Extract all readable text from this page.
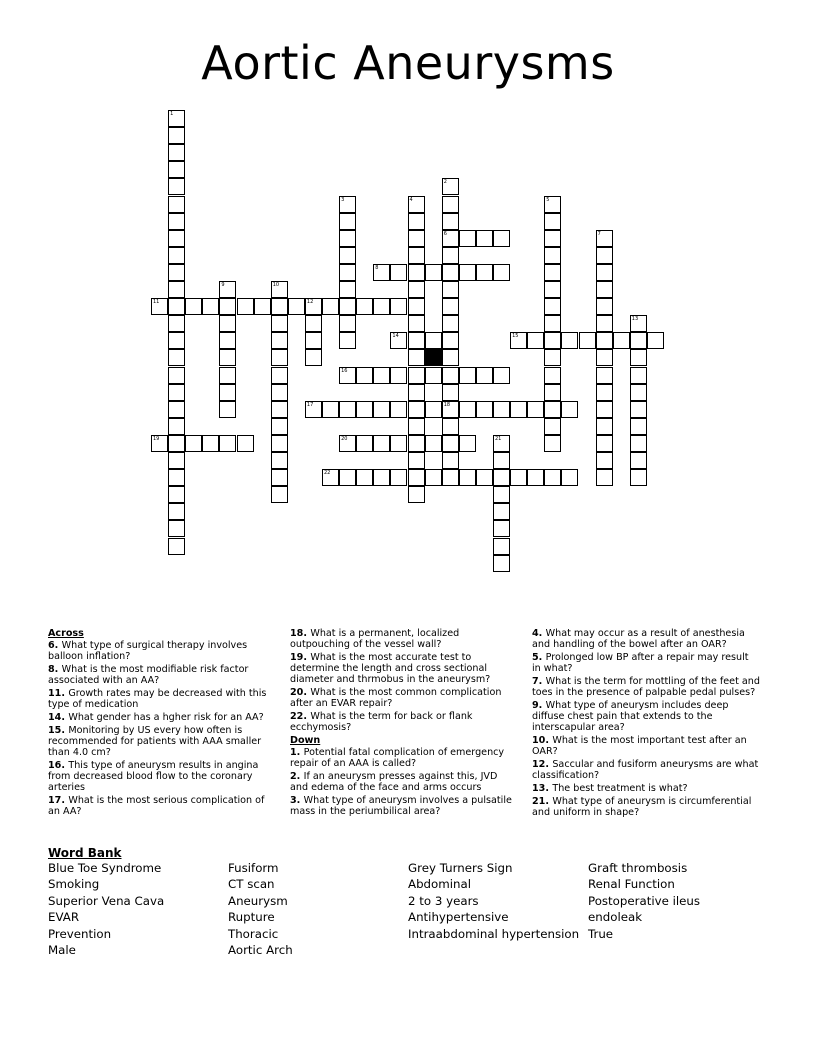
Aortic Aneurysms
1
2
6
18
3	4	5
7
8
9	10
11	12
13
14	15
16
17
19	20	21
22
Across
6. What type of surgical therapy involves balloon inflation?
8. What is the most modifiable risk factor associated with an AA?
11. Growth rates may be decreased with this type of medication
14. What gender has a hgher risk for an AA?
15. Monitoring by US every how often is recommended for patients with AAA smaller than 4.0 cm?
16. This type of aneurysm results in angina from decreased blood flow to the coronary arteries
17. What is the most serious complication of an AA?
18. What is a permanent, localized outpouching of the vessel wall?
19. What is the most accurate test to determine the length and cross sectional diameter and thrmobus in the aneurysm?
20. What is the most common complication after an EVAR repair?
22. What is the term for back or flank ecchymosis?
Down
1. Potential fatal complication of emergency repair of an AAA is called?
2. If an aneurysm presses against this, JVD and edema of the face and arms occurs
3. What type of aneurysm involves a pulsatile mass in the periumbilical area?
4. What may occur as a result of anesthesia and handling of the bowel after an OAR?
5. Prolonged low BP after a repair may result in what?
7. What is the term for mottling of the feet and toes in the presence of palpable pedal pulses?
9. What type of aneurysm includes deep diffuse chest pain that extends to the interscapular area?
10. What is the most important test after an OAR?
12. Saccular and fusiform aneurysms are what classification?
13. The best treatment is what?
21. What type of aneurysm is circumferential and uniform in shape?
Word Bank
Blue Toe Syndrome
Smoking
Superior Vena Cava
EVAR
Prevention
Male
Fusiform
CT scan
Aneurysm
Rupture
Thoracic
Aortic Arch
Grey Turners Sign
Abdominal
2 to 3 years
Antihypertensive
Intraabdominal hypertension
Graft thrombosis
Renal Function
Postoperative ileus
endoleak
True
